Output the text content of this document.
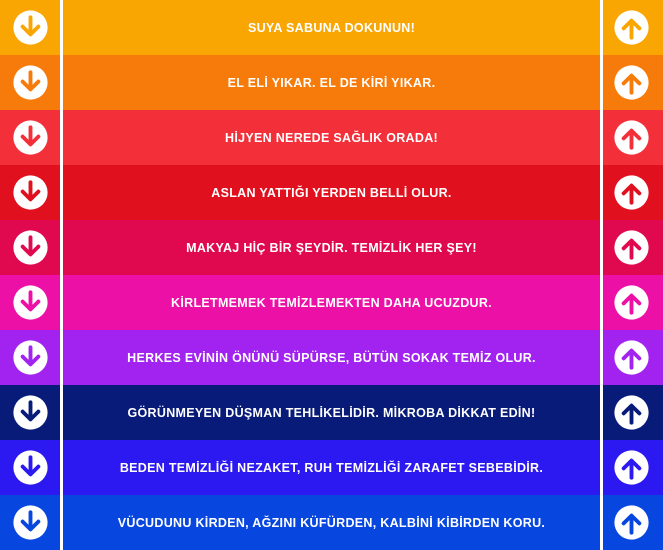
SUYA SABUNA DOKUNUN!
EL ELİ YIKAR. EL DE KİRİ YIKAR.
HİJYEN NEREDE SAĞLIK ORADA!
ASLAN YATTIĞI YERDEN BELLİ OLUR.
MAKYAJ HİÇ BİR ŞEYDİR. TEMİZLİK HER ŞEY!
KİRLETMEMEK TEMİZLEMEKTEN DAHA UCUZDUR.
HERKES EVİNİN ÖNÜNÜ SÜPÜRSE, BÜTÜN SOKAK TEMİZ OLUR.
GÖRÜNMEYEN DÜŞMAN TEHLİKELİDİR. MİKROBA DİKKAT EDİN!
BEDEN TEMİZLİĞİ NEZAKET, RUH TEMİZLİĞİ ZARAFET SEBEBİDİR.
VÜCUDUNU KİRDEN, AĞZINI KÜFÜRDEN, KALBİNİ KİBİRDEN KORU.
